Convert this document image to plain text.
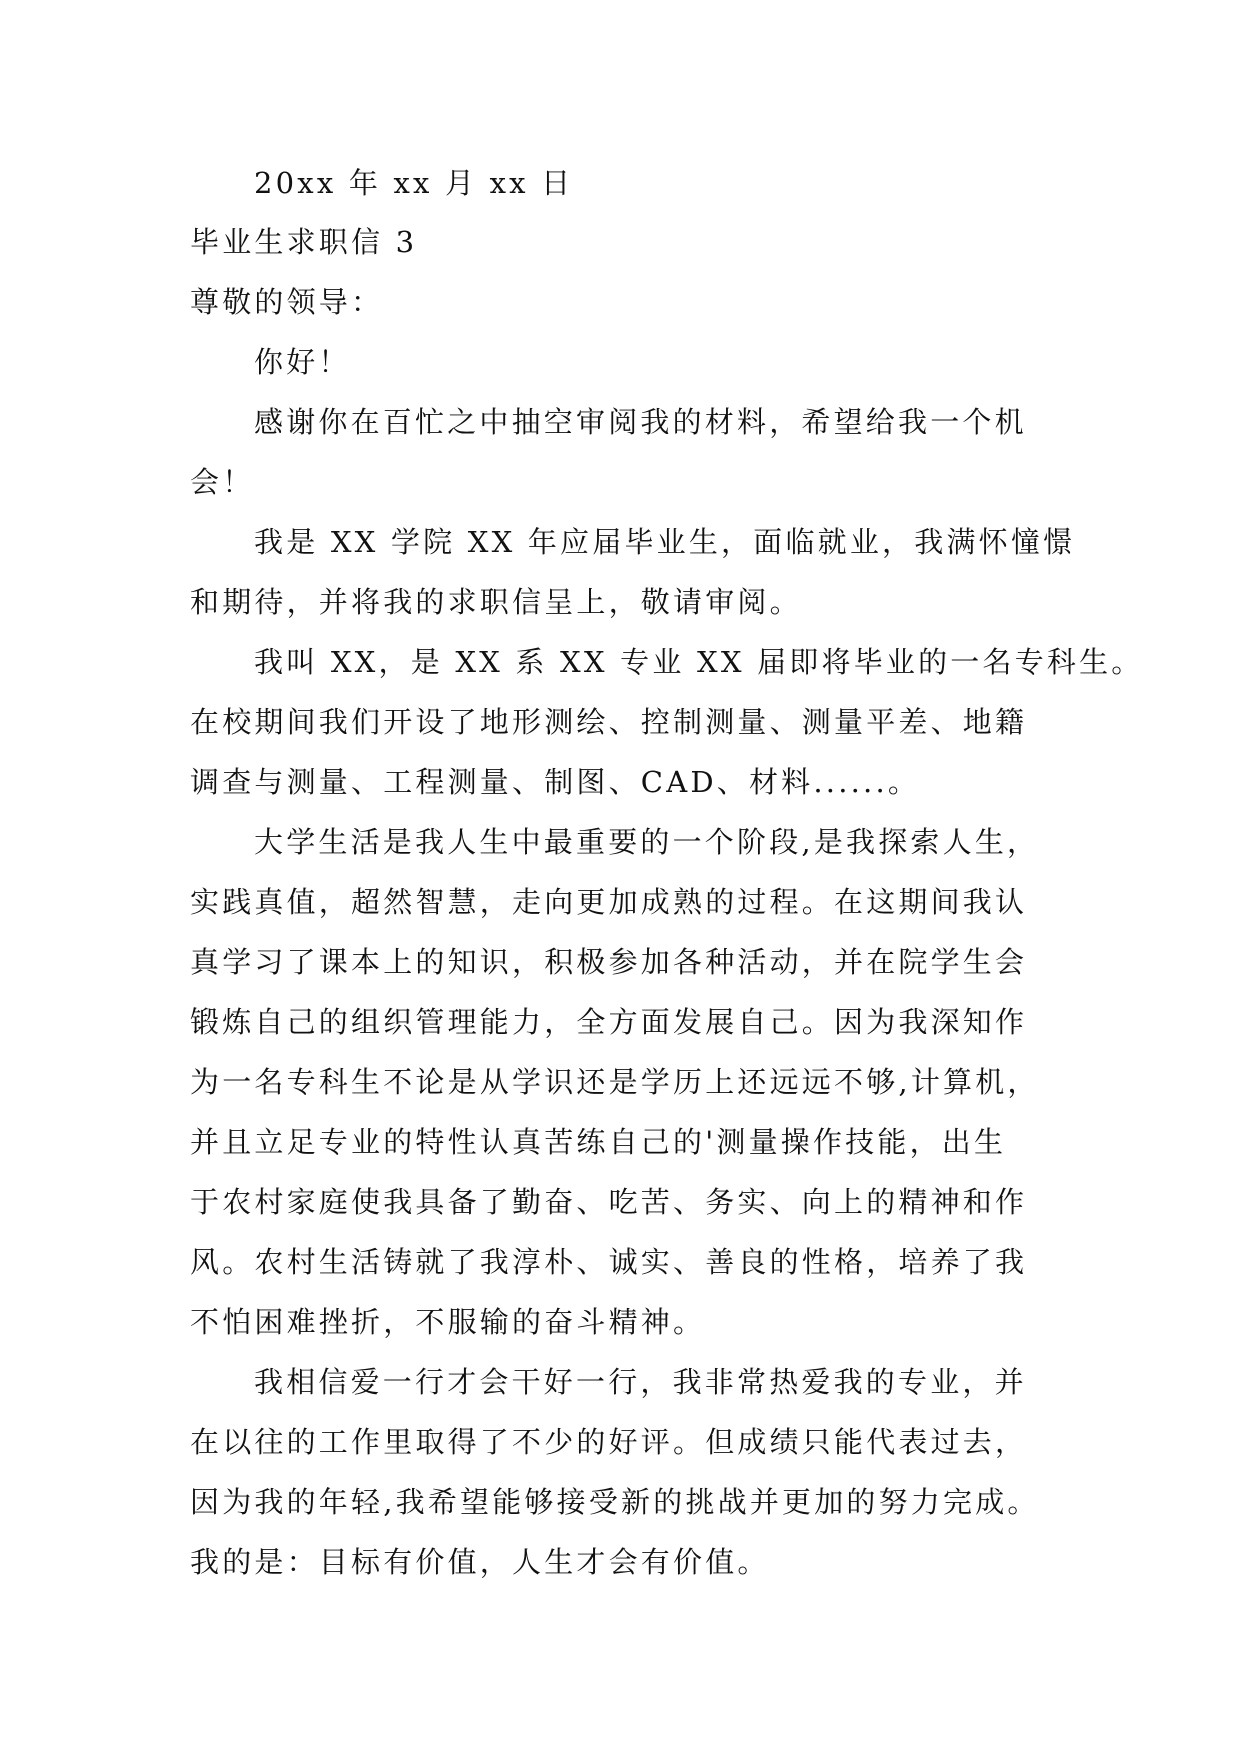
20xx 年 xx 月 xx 日
毕业生求职信 3
尊敬的领导：
你好！
感谢你在百忙之中抽空审阅我的材料，希望给我一个机
会！
我是 XX 学院 XX 年应届毕业生，面临就业，我满怀憧憬
和期待，并将我的求职信呈上，敬请审阅。
我叫 XX，是 XX 系 XX 专业 XX 届即将毕业的一名专科生。
在校期间我们开设了地形测绘、控制测量、测量平差、地籍
调查与测量、工程测量、制图、CAD、材料......。
大学生活是我人生中最重要的一个阶段,是我探索人生，
实践真值，超然智慧，走向更加成熟的过程。在这期间我认
真学习了课本上的知识，积极参加各种活动，并在院学生会
锻炼自己的组织管理能力，全方面发展自己。因为我深知作
为一名专科生不论是从学识还是学历上还远远不够,计算机，
并且立足专业的特性认真苦练自己的'测量操作技能，出生
于农村家庭使我具备了勤奋、吃苦、务实、向上的精神和作
风。农村生活铸就了我淳朴、诚实、善良的性格，培养了我
不怕困难挫折，不服输的奋斗精神。
我相信爱一行才会干好一行，我非常热爱我的专业，并
在以往的工作里取得了不少的好评。但成绩只能代表过去，
因为我的年轻,我希望能够接受新的挑战并更加的努力完成。
我的是：目标有价值，人生才会有价值。
